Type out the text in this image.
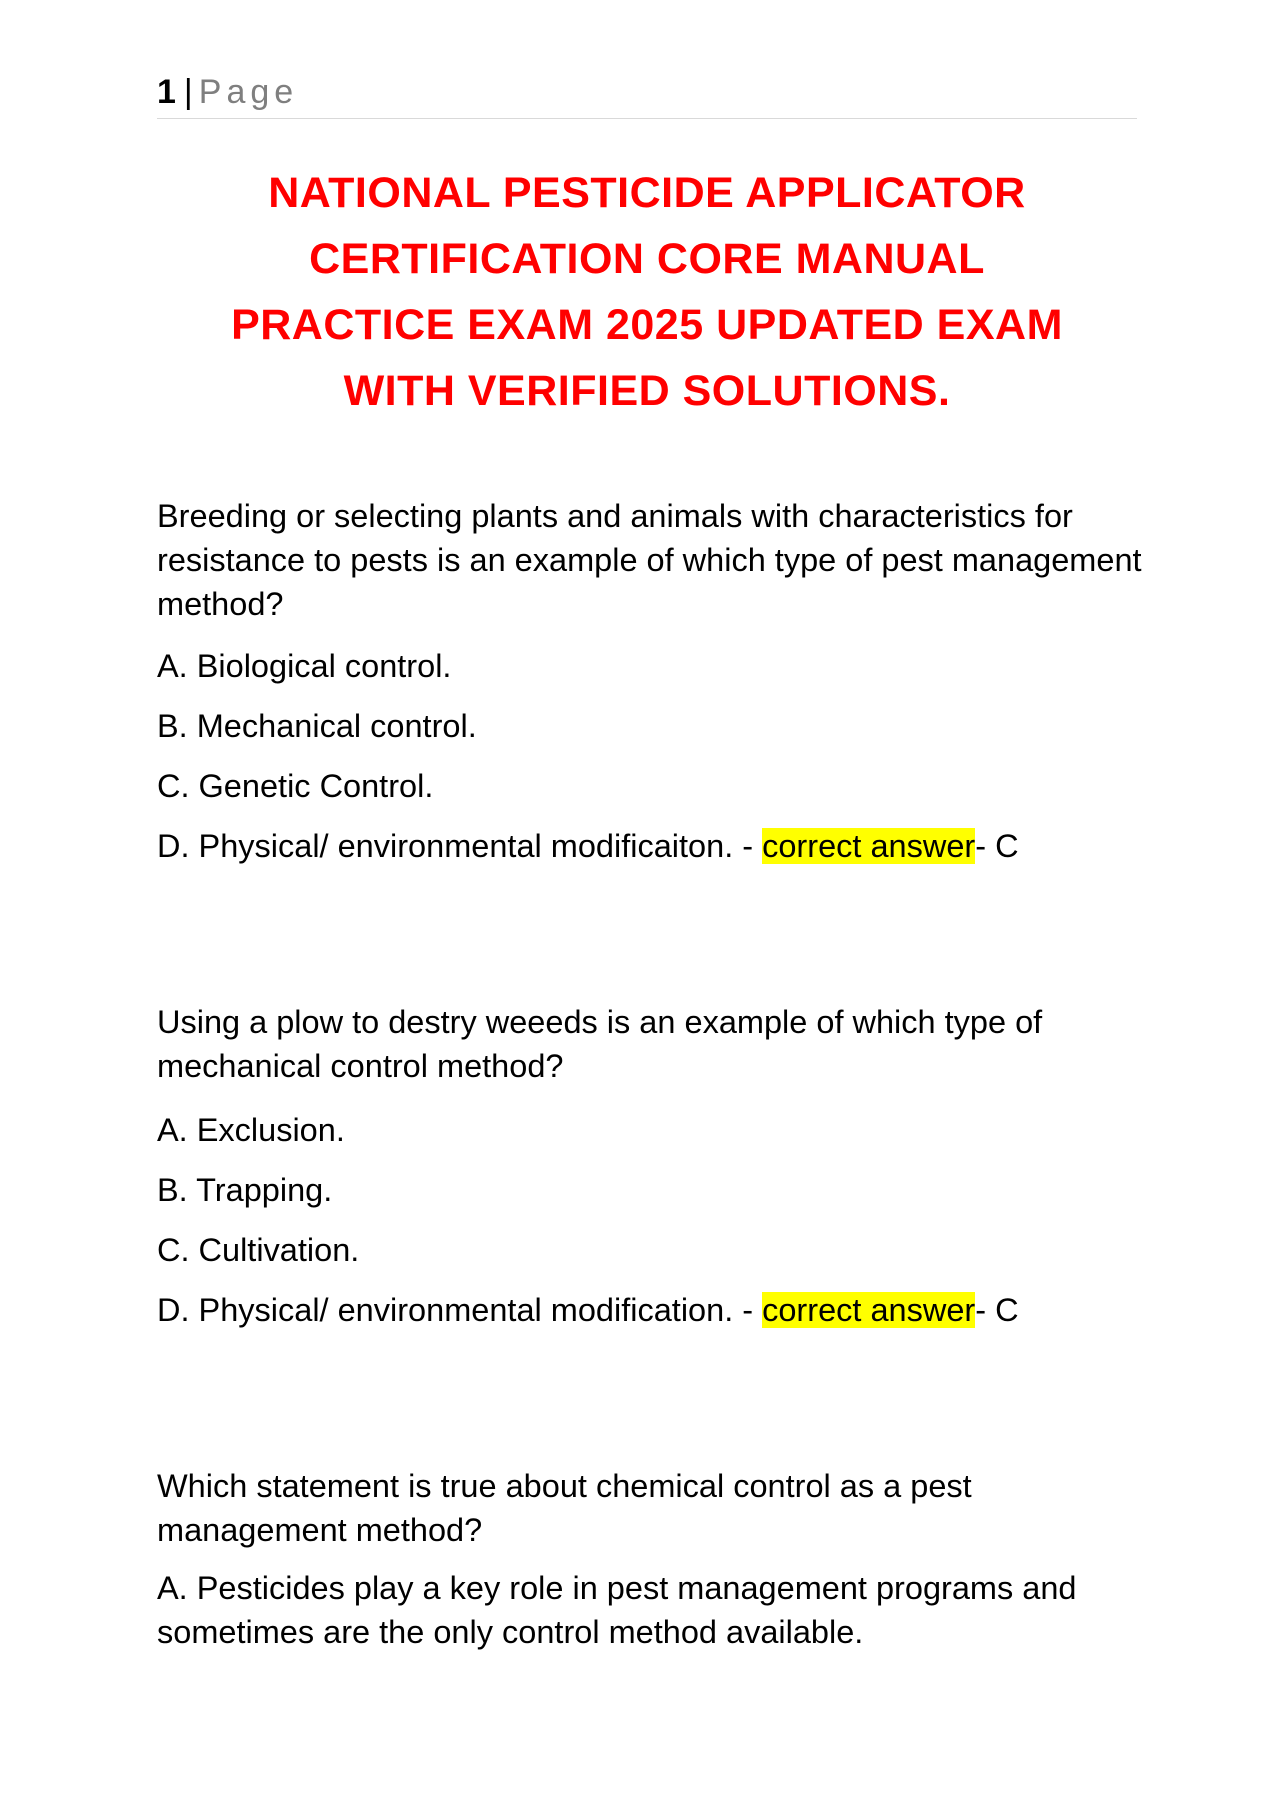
1 | Page
NATIONAL PESTICIDE APPLICATOR
CERTIFICATION CORE MANUAL
PRACTICE EXAM 2025 UPDATED EXAM
WITH VERIFIED SOLUTIONS.

Breeding or selecting plants and animals with characteristics for resistance to pests is an example of which type of pest management method?

A. Biological control.

B. Mechanical control.

C. Genetic Control.

D. Physical/ environmental modificaiton. - correct answer- C

Using a plow to destry weeeds is an example of which type of mechanical control method?

A. Exclusion.

B. Trapping.

C. Cultivation.

D. Physical/ environmental modification. - correct answer- C

Which statement is true about chemical control as a pest management method?

A. Pesticides play a key role in pest management programs and sometimes are the only control method available.
